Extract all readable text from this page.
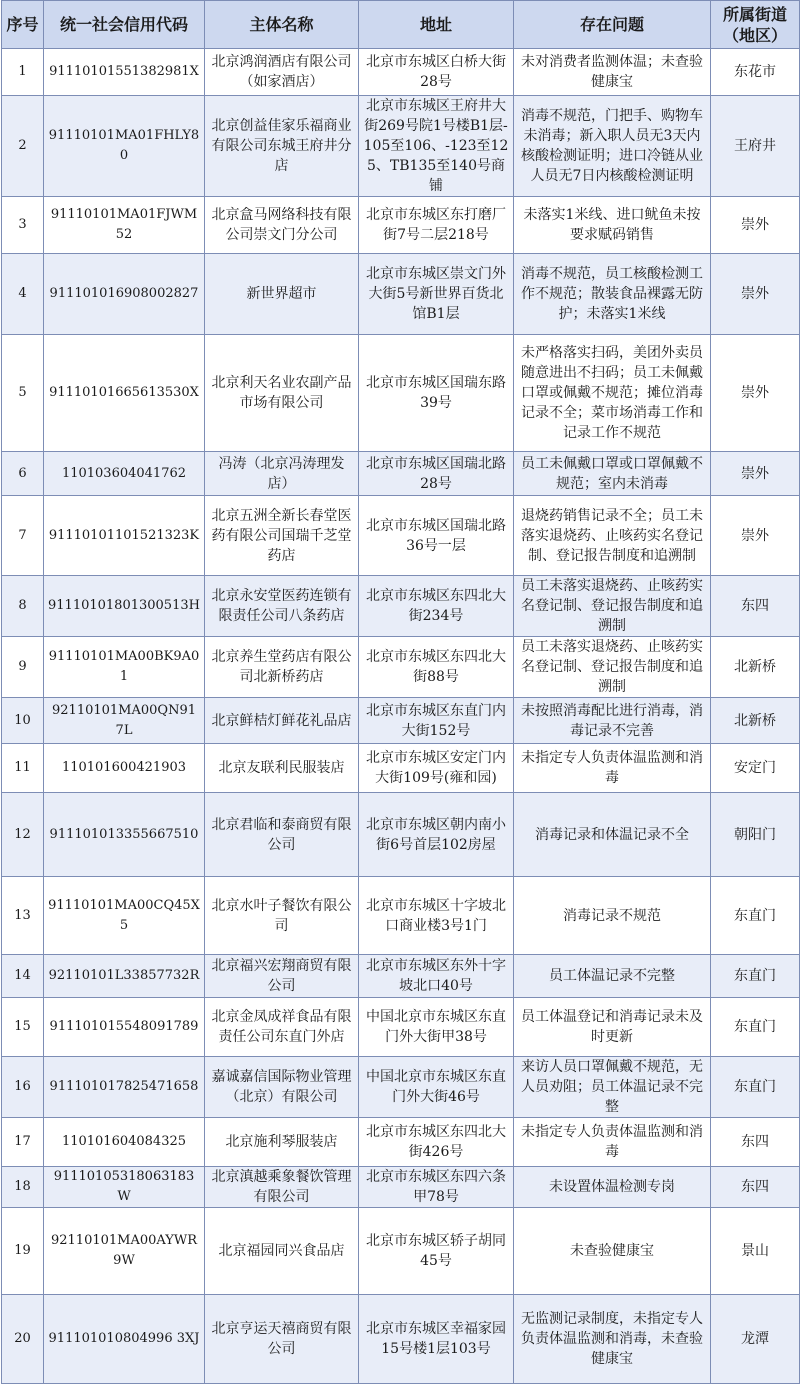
序号	统一社会信用代码	主体名称	地址	存在问题	所属街道（地区）
1	91110101551382981X	北京鸿润酒店有限公司（如家酒店）	北京市东城区白桥大街28号	未对消费者监测体温；未查验健康宝	东花市
2	91110101MA01FHLY80	北京创益佳家乐福商业有限公司东城王府井分店	北京市东城区王府井大街269号院1号楼B1层-105至106、-123至125、TB135至140号商铺	消毒不规范，门把手、购物车未消毒；新入职人员无3天内核酸检测证明；进口冷链从业人员无7日内核酸检测证明	王府井
3	91110101MA01FJWM52	北京盒马网络科技有限公司崇文门分公司	北京市东城区东打磨厂街7号二层218号	未落实1米线、进口鱿鱼未按要求赋码销售	崇外
4	911101016908002827	新世界超市	北京市东城区崇文门外大街5号新世界百货北馆B1层	消毒不规范，员工核酸检测工作不规范；散装食品裸露无防护；未落实1米线	崇外
5	91110101665613530X	北京利天名业农副产品市场有限公司	北京市东城区国瑞东路39号	未严格落实扫码，美团外卖员随意进出不扫码；员工未佩戴口罩或佩戴不规范；摊位消毒记录不全；菜市场消毒工作和记录工作不规范	崇外
6	110103604041762	冯涛（北京冯涛理发店）	北京市东城区国瑞北路28号	员工未佩戴口罩或口罩佩戴不规范；室内未消毒	崇外
7	91110101101521323K	北京五洲全新长春堂医药有限公司国瑞千芝堂药店	北京市东城区国瑞北路36号一层	退烧药销售记录不全；员工未落实退烧药、止咳药实名登记制、登记报告制度和追溯制	崇外
8	91110101801300513H	北京永安堂医药连锁有限责任公司八条药店	北京市东城区东四北大街234号	员工未落实退烧药、止咳药实名登记制、登记报告制度和追溯制	东四
9	91110101MA00BK9A01	北京养生堂药店有限公司北新桥药店	北京市东城区东四北大街88号	员工未落实退烧药、止咳药实名登记制、登记报告制度和追溯制	北新桥
10	92110101MA00QN917L	北京鲜桔灯鲜花礼品店	北京市东城区东直门内大街152号	未按照消毒配比进行消毒，消毒记录不完善	北新桥
11	110101600421903	北京友联利民服装店	北京市东城区安定门内大街109号(雍和园)	未指定专人负责体温监测和消毒	安定门
12	911101013355667510	北京君临和泰商贸有限公司	北京市东城区朝内南小街6号首层102房屋	消毒记录和体温记录不全	朝阳门
13	91110101MA00CQ45X5	北京水叶子餐饮有限公司	北京市东城区十字坡北口商业楼3号1门	消毒记录不规范	东直门
14	92110101L33857732R	北京福兴宏翔商贸有限公司	北京市东城区东外十字坡北口40号	员工体温记录不完整	东直门
15	911101015548091789	北京金凤成祥食品有限责任公司东直门外店	中国北京市东城区东直门外大街甲38号	员工体温登记和消毒记录未及时更新	东直门
16	911101017825471658	嘉诚嘉信国际物业管理（北京）有限公司	中国北京市东城区东直门外大街46号	来访人员口罩佩戴不规范，无人员劝阻；员工体温记录不完整	东直门
17	110101604084325	北京施利琴服装店	北京市东城区东四北大街426号	未指定专人负责体温监测和消毒	东四
18	91110105318063183W	北京滇越乘象餐饮管理有限公司	北京市东城区东四六条甲78号	未设置体温检测专岗	东四
19	92110101MA00AYWR9W	北京福园同兴食品店	北京市东城区轿子胡同45号	未查验健康宝	景山
20	911101010804996 3XJ	北京亨运天禧商贸有限公司	北京市东城区幸福家园15号楼1层103号	无监测记录制度，未指定专人负责体温监测和消毒，未查验健康宝	龙潭
